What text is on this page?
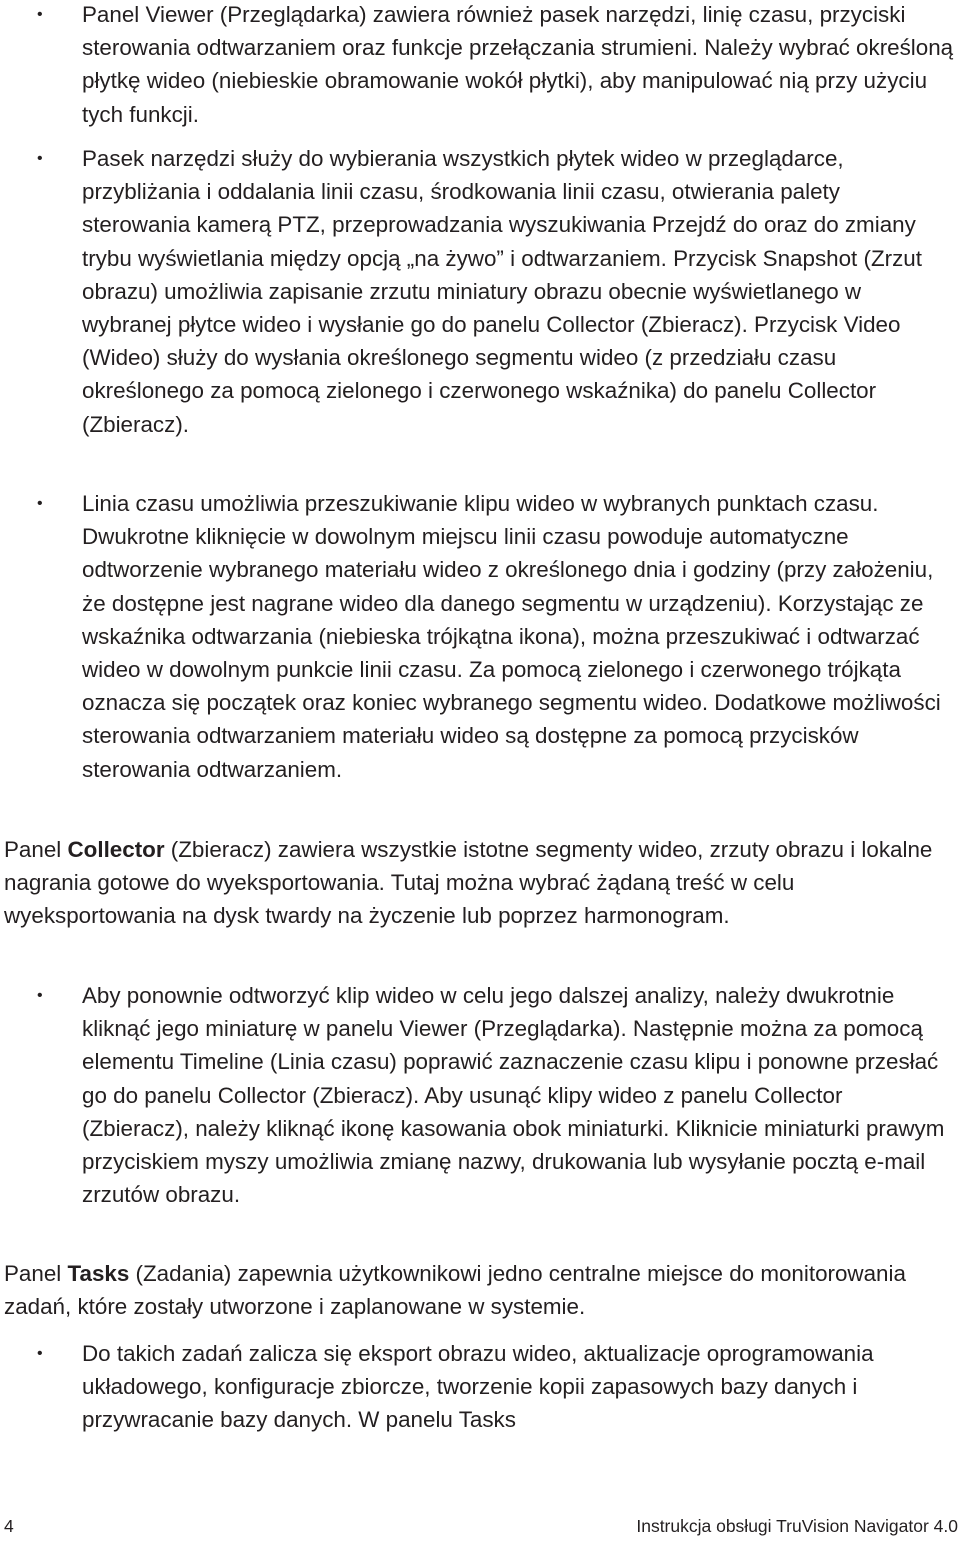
• Panel Viewer (Przeglądarka) zawiera również pasek narzędzi, linię czasu, przyciski sterowania odtwarzaniem oraz funkcje przełączania strumieni. Należy wybrać określoną płytkę wideo (niebieskie obramowanie wokół płytki), aby manipulować nią przy użyciu tych funkcji.

• Pasek narzędzi służy do wybierania wszystkich płytek wideo w przeglądarce, przybliżania i oddalania linii czasu, środkowania linii czasu, otwierania palety sterowania kamerą PTZ, przeprowadzania wyszukiwania Przejdź do oraz do zmiany trybu wyświetlania między opcją „na żywo” i odtwarzaniem. Przycisk Snapshot (Zrzut obrazu) umożliwia zapisanie zrzutu miniatury obrazu obecnie wyświetlanego w wybranej płytce wideo i wysłanie go do panelu Collector (Zbieracz). Przycisk Video (Wideo) służy do wysłania określonego segmentu wideo (z przedziału czasu określonego za pomocą zielonego i czerwonego wskaźnika) do panelu Collector (Zbieracz).

• Linia czasu umożliwia przeszukiwanie klipu wideo w wybranych punktach czasu. Dwukrotne kliknięcie w dowolnym miejscu linii czasu powoduje automatyczne odtworzenie wybranego materiału wideo z określonego dnia i godziny (przy założeniu, że dostępne jest nagrane wideo dla danego segmentu w urządzeniu). Korzystając ze wskaźnika odtwarzania (niebieska trójkątna ikona), można przeszukiwać i odtwarzać wideo w dowolnym punkcie linii czasu. Za pomocą zielonego i czerwonego trójkąta oznacza się początek oraz koniec wybranego segmentu wideo. Dodatkowe możliwości sterowania odtwarzaniem materiału wideo są dostępne za pomocą przycisków sterowania odtwarzaniem.

Panel Collector (Zbieracz) zawiera wszystkie istotne segmenty wideo, zrzuty obrazu i lokalne nagrania gotowe do wyeksportowania. Tutaj można wybrać żądaną treść w celu wyeksportowania na dysk twardy na życzenie lub poprzez harmonogram.

• Aby ponownie odtworzyć klip wideo w celu jego dalszej analizy, należy dwukrotnie kliknąć jego miniaturę w panelu Viewer (Przeglądarka). Następnie można za pomocą elementu Timeline (Linia czasu) poprawić zaznaczenie czasu klipu i ponowne przesłać go do panelu Collector (Zbieracz). Aby usunąć klipy wideo z panelu Collector (Zbieracz), należy kliknąć ikonę kasowania obok miniaturki. Kliknicie miniaturki prawym przyciskiem myszy umożliwia zmianę nazwy, drukowania lub wysyłanie pocztą e-mail zrzutów obrazu.

Panel Tasks (Zadania) zapewnia użytkownikowi jedno centralne miejsce do monitorowania zadań, które zostały utworzone i zaplanowane w systemie.

• Do takich zadań zalicza się eksport obrazu wideo, aktualizacje oprogramowania układowego, konfiguracje zbiorcze, tworzenie kopii zapasowych bazy danych i przywracanie bazy danych. W panelu Tasks

4	Instrukcja obsługi TruVision Navigator 4.0
